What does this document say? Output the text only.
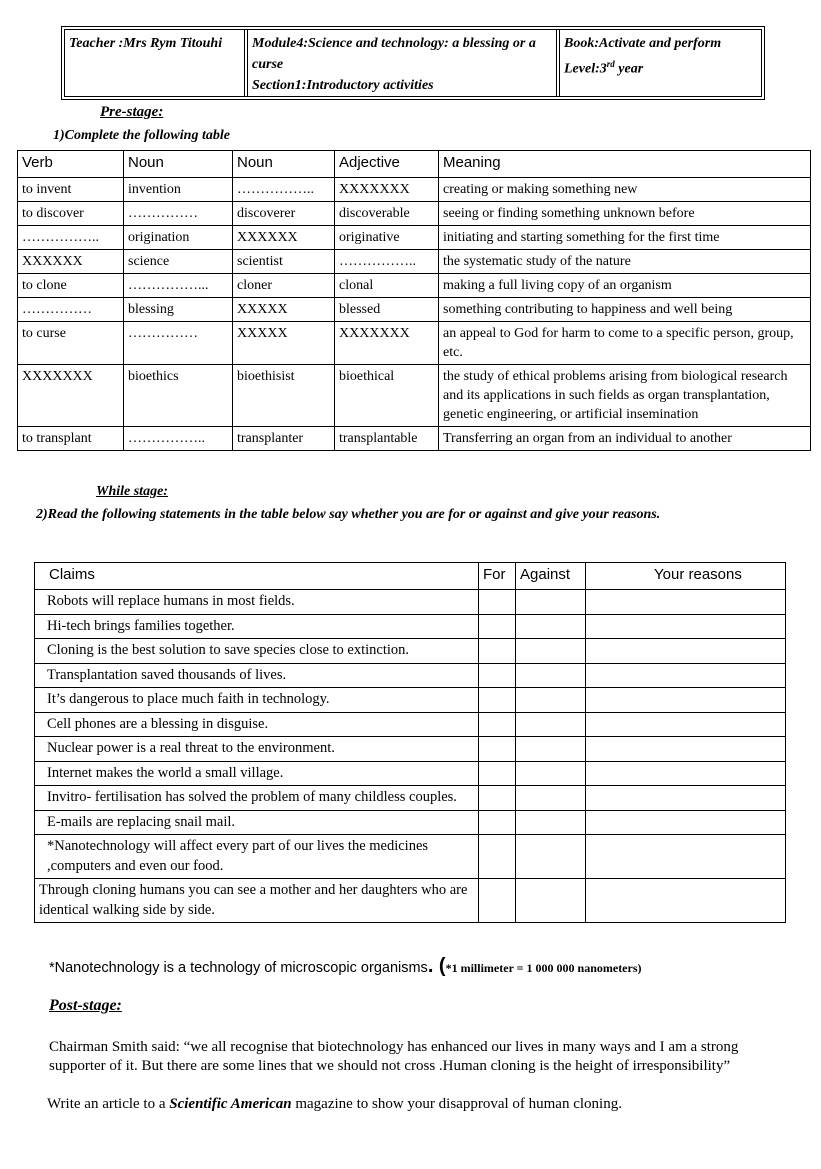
Teacher :Mrs Rym Titouhi	Module4:Science and technology: a blessing or a curse
Section1:Introductory activities
Book:Activate and perform
Level:3rd year
Pre-stage:
1)Complete the following table
Verb	Noun	Noun	Adjective	Meaning
to invent	invention	……………..	XXXXXXX	creating or making something new
to discover	……………	discoverer	discoverable	seeing or finding something unknown before
……………..	origination	XXXXXX	originative	initiating and starting something for the first time
XXXXXX	science	scientist	……………..	the systematic study of the nature
to clone	……………...	cloner	clonal	making a full living copy of an organism
……………	blessing	XXXXX	blessed	something contributing to happiness and well being
to curse	……………	XXXXX	XXXXXXX	an appeal to God for harm to come to a specific person, group, etc.
XXXXXXX	bioethics	bioethisist	bioethical	the study of ethical problems arising from biological research and its applications in such fields as organ transplantation, genetic engineering, or artificial insemination
to transplant	……………..	transplanter	transplantable	Transferring an organ from an individual to another
While stage:
2)Read the following statements in the table below say whether you are for or against and give your reasons.
Claims	For	Against	Your reasons
Robots will replace humans in most fields.			
Hi-tech brings families together.			
Cloning is the best solution to save species close to extinction.			
Transplantation saved thousands of lives.			
It’s dangerous to place much faith in technology.			
Cell phones are a blessing in disguise.			
Nuclear power is a real threat to the environment.			
Internet makes the world a small village.			
Invitro- fertilisation has solved the problem of many childless couples.			
E-mails are replacing snail mail.			
*Nanotechnology will affect every part of our lives the medicines ,computers and even our food.			
Through cloning humans you can see a mother and her daughters who are identical walking side by side.			
*Nanotechnology is a technology of microscopic organisms. (*1 millimeter = 1 000 000 nanometers)
Post-stage:
Chairman Smith said: “we all recognise that biotechnology has enhanced our lives in many ways and I am a strong supporter of it. But there are some lines that we should not cross .Human cloning is the height of irresponsibility”
Write an article to a Scientific American magazine to show your disapproval of human cloning.
